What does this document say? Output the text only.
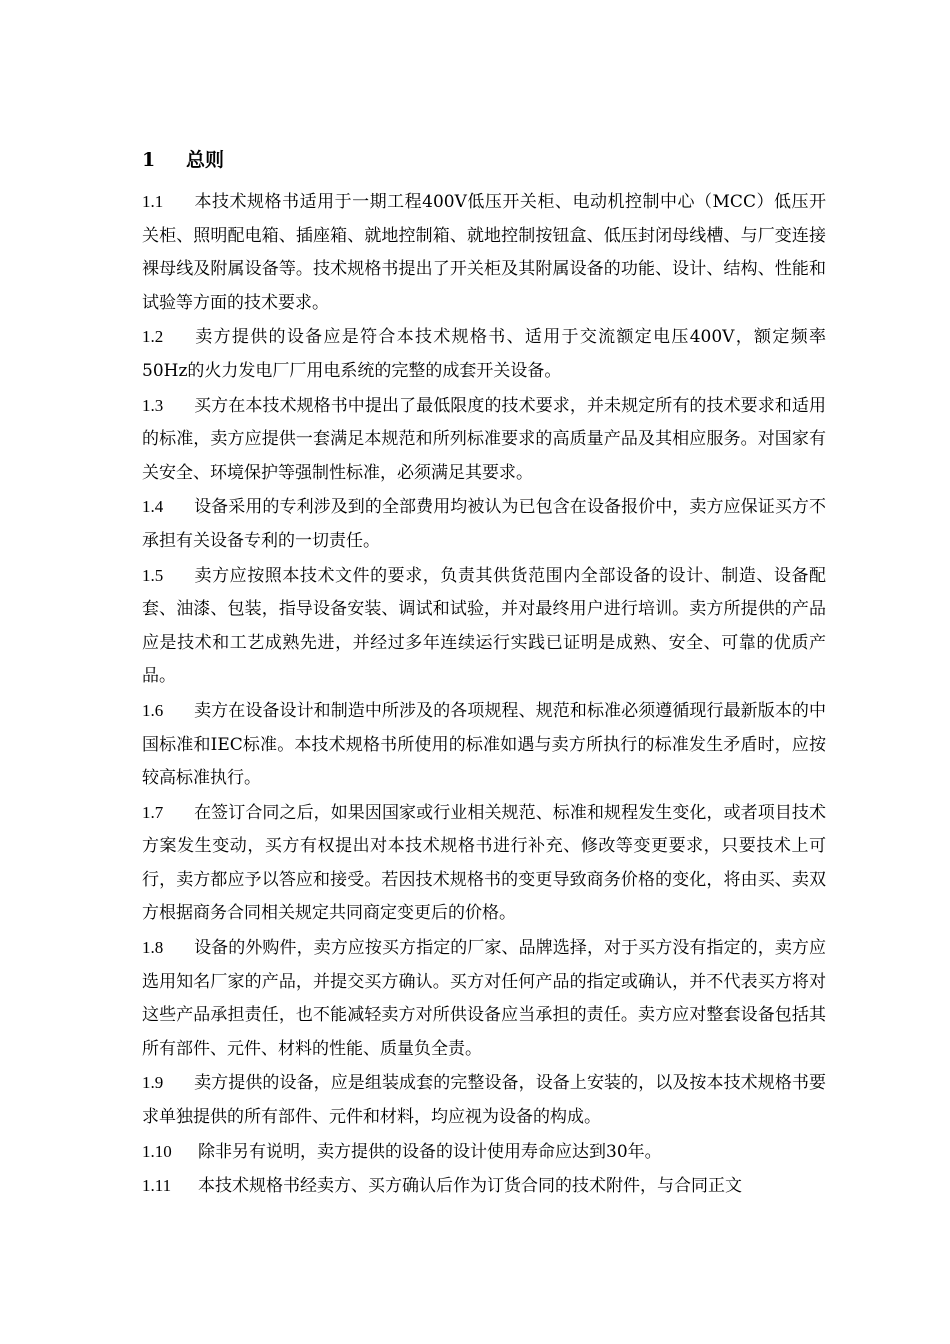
1 总则

1.1 本技术规格书适用于一期工程400V低压开关柜、电动机控制中心（MCC）低压开关柜、照明配电箱、插座箱、就地控制箱、就地控制按钮盒、低压封闭母线槽、与厂变连接裸母线及附属设备等。技术规格书提出了开关柜及其附属设备的功能、设计、结构、性能和试验等方面的技术要求。

1.2 卖方提供的设备应是符合本技术规格书、适用于交流额定电压400V，额定频率50Hz的火力发电厂厂用电系统的完整的成套开关设备。

1.3 买方在本技术规格书中提出了最低限度的技术要求，并未规定所有的技术要求和适用的标准，卖方应提供一套满足本规范和所列标准要求的高质量产品及其相应服务。对国家有关安全、环境保护等强制性标准，必须满足其要求。

1.4 设备采用的专利涉及到的全部费用均被认为已包含在设备报价中，卖方应保证买方不承担有关设备专利的一切责任。

1.5 卖方应按照本技术文件的要求，负责其供货范围内全部设备的设计、制造、设备配套、油漆、包装，指导设备安装、调试和试验，并对最终用户进行培训。卖方所提供的产品应是技术和工艺成熟先进，并经过多年连续运行实践已证明是成熟、安全、可靠的优质产品。

1.6 卖方在设备设计和制造中所涉及的各项规程、规范和标准必须遵循现行最新版本的中国标准和IEC标准。本技术规格书所使用的标准如遇与卖方所执行的标准发生矛盾时，应按较高标准执行。

1.7 在签订合同之后，如果因国家或行业相关规范、标准和规程发生变化，或者项目技术方案发生变动，买方有权提出对本技术规格书进行补充、修改等变更要求，只要技术上可行，卖方都应予以答应和接受。若因技术规格书的变更导致商务价格的变化，将由买、卖双方根据商务合同相关规定共同商定变更后的价格。

1.8 设备的外购件，卖方应按买方指定的厂家、品牌选择，对于买方没有指定的，卖方应选用知名厂家的产品，并提交买方确认。买方对任何产品的指定或确认，并不代表买方将对这些产品承担责任，也不能减轻卖方对所供设备应当承担的责任。卖方应对整套设备包括其所有部件、元件、材料的性能、质量负全责。

1.9 卖方提供的设备，应是组装成套的完整设备，设备上安装的，以及按本技术规格书要求单独提供的所有部件、元件和材料，均应视为设备的构成。

1.10 除非另有说明，卖方提供的设备的设计使用寿命应达到30年。

1.11 本技术规格书经卖方、买方确认后作为订货合同的技术附件，与合同正文
